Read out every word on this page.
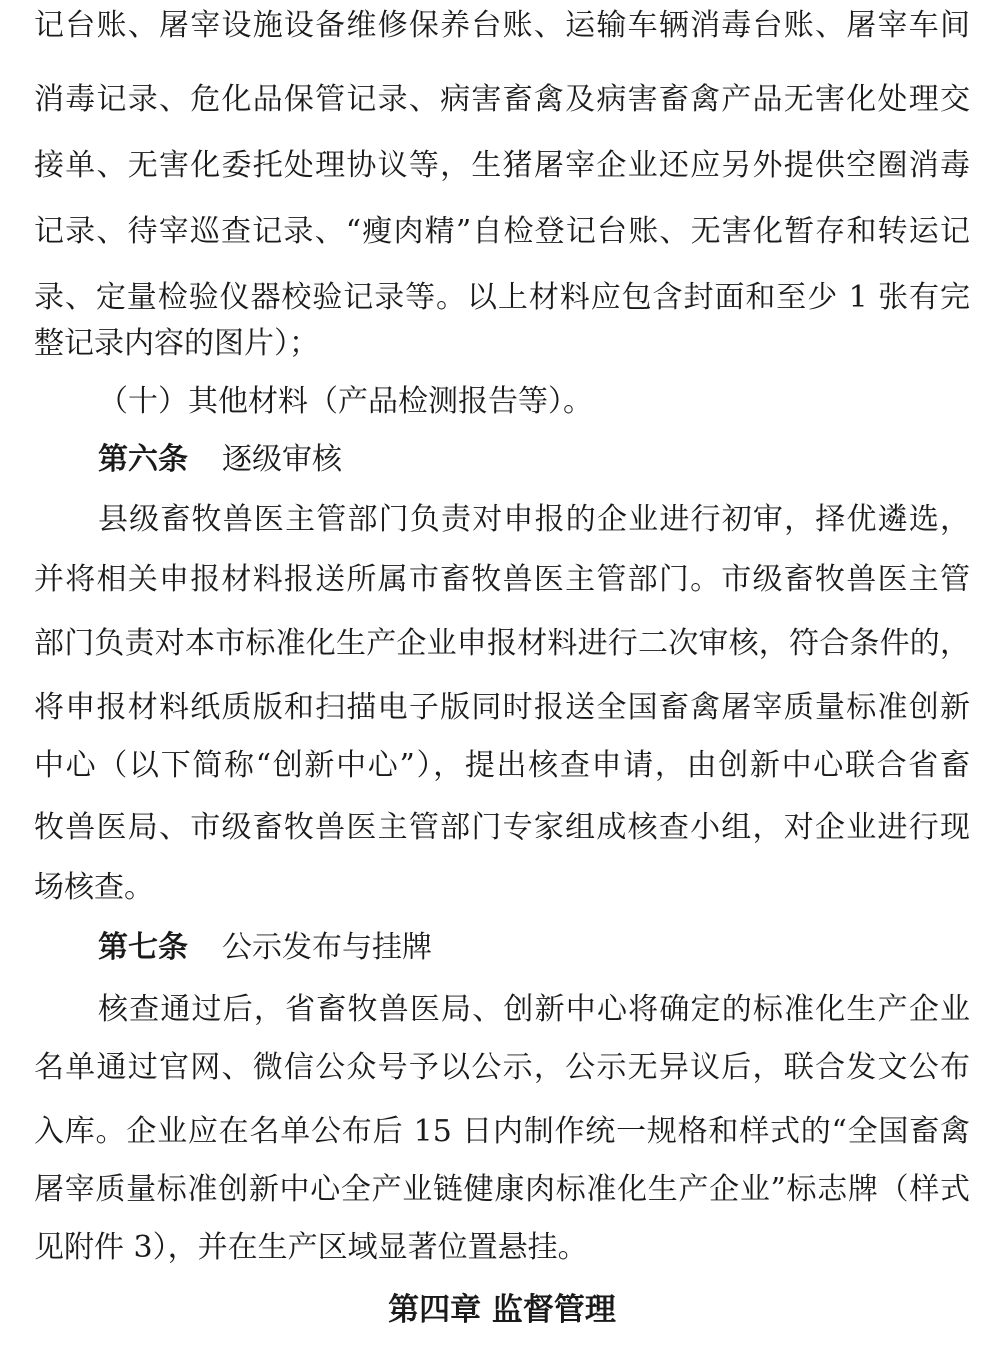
记台账、屠宰设施设备维修保养台账、运输车辆消毒台账、屠宰车间
消毒记录、危化品保管记录、病害畜禽及病害畜禽产品无害化处理交
接单、无害化委托处理协议等，生猪屠宰企业还应另外提供空圈消毒
记录、待宰巡查记录、“瘦肉精”自检登记台账、无害化暂存和转运记
录、定量检验仪器校验记录等。以上材料应包含封面和至少 1 张有完
整记录内容的图片）；
（十）其他材料（产品检测报告等）。
第六条 逐级审核
县级畜牧兽医主管部门负责对申报的企业进行初审，择优遴选，
并将相关申报材料报送所属市畜牧兽医主管部门。市级畜牧兽医主管
部门负责对本市标准化生产企业申报材料进行二次审核，符合条件的，
将申报材料纸质版和扫描电子版同时报送全国畜禽屠宰质量标准创新
中心（以下简称“创新中心”），提出核查申请，由创新中心联合省畜
牧兽医局、市级畜牧兽医主管部门专家组成核查小组，对企业进行现
场核查。
第七条 公示发布与挂牌
核查通过后，省畜牧兽医局、创新中心将确定的标准化生产企业
名单通过官网、微信公众号予以公示，公示无异议后，联合发文公布
入库。企业应在名单公布后 15 日内制作统一规格和样式的“全国畜禽
屠宰质量标准创新中心全产业链健康肉标准化生产企业”标志牌（样式
见附件 3），并在生产区域显著位置悬挂。
第四章 监督管理
